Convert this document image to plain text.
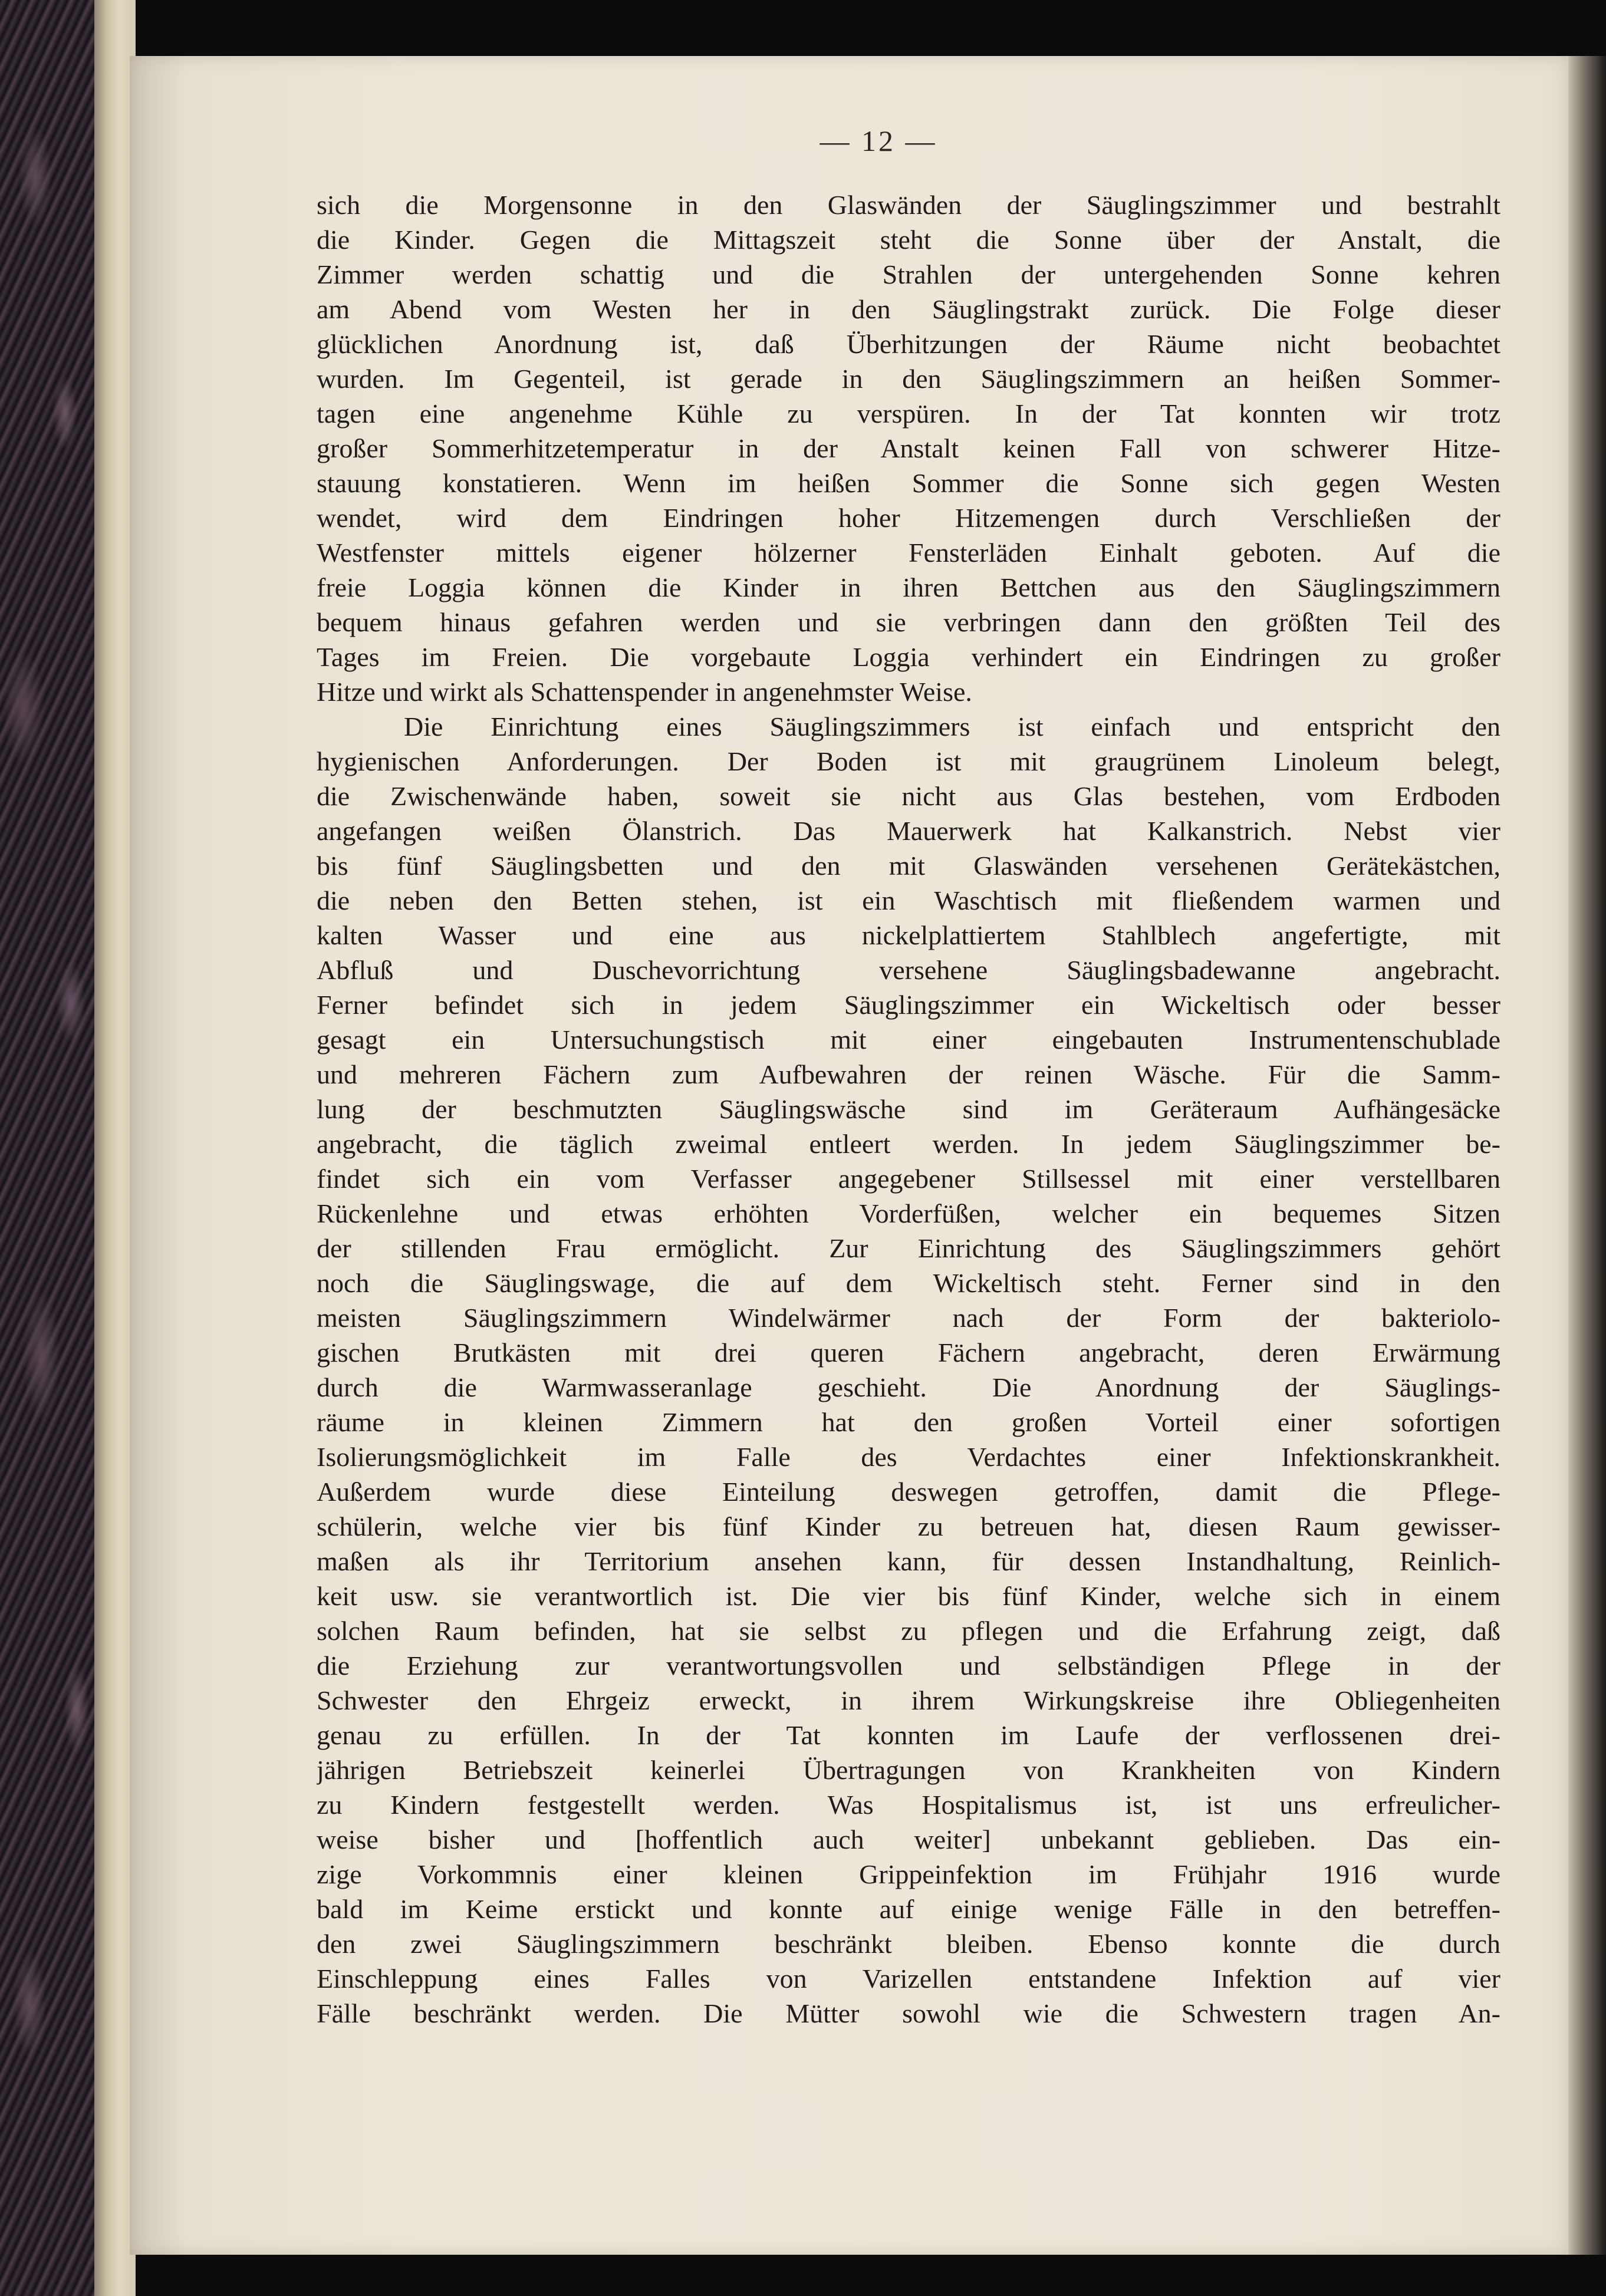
— 12 —
sich die Morgensonne in den Glaswänden der Säuglingszimmer und bestrahlt
die Kinder. Gegen die Mittagszeit steht die Sonne über der Anstalt, die
Zimmer werden schattig und die Strahlen der untergehenden Sonne kehren
am Abend vom Westen her in den Säuglingstrakt zurück. Die Folge dieser
glücklichen Anordnung ist, daß Überhitzungen der Räume nicht beobachtet
wurden. Im Gegenteil, ist gerade in den Säuglingszimmern an heißen Sommer-
tagen eine angenehme Kühle zu verspüren. In der Tat konnten wir trotz
großer Sommerhitzetemperatur in der Anstalt keinen Fall von schwerer Hitze-
stauung konstatieren. Wenn im heißen Sommer die Sonne sich gegen Westen
wendet, wird dem Eindringen hoher Hitzemengen durch Verschließen der
Westfenster mittels eigener hölzerner Fensterläden Einhalt geboten. Auf die
freie Loggia können die Kinder in ihren Bettchen aus den Säuglingszimmern
bequem hinaus gefahren werden und sie verbringen dann den größten Teil des
Tages im Freien. Die vorgebaute Loggia verhindert ein Eindringen zu großer
Hitze und wirkt als Schattenspender in angenehmster Weise.
Die Einrichtung eines Säuglingszimmers ist einfach und entspricht den
hygienischen Anforderungen. Der Boden ist mit graugrünem Linoleum belegt,
die Zwischenwände haben, soweit sie nicht aus Glas bestehen, vom Erdboden
angefangen weißen Ölanstrich. Das Mauerwerk hat Kalkanstrich. Nebst vier
bis fünf Säuglingsbetten und den mit Glaswänden versehenen Gerätekästchen,
die neben den Betten stehen, ist ein Waschtisch mit fließendem warmen und
kalten Wasser und eine aus nickelplattiertem Stahlblech angefertigte, mit
Abfluß und Duschevorrichtung versehene Säuglingsbadewanne angebracht.
Ferner befindet sich in jedem Säuglingszimmer ein Wickeltisch oder besser
gesagt ein Untersuchungstisch mit einer eingebauten Instrumentenschublade
und mehreren Fächern zum Aufbewahren der reinen Wäsche. Für die Samm-
lung der beschmutzten Säuglingswäsche sind im Geräteraum Aufhängesäcke
angebracht, die täglich zweimal entleert werden. In jedem Säuglingszimmer be-
findet sich ein vom Verfasser angegebener Stillsessel mit einer verstellbaren
Rückenlehne und etwas erhöhten Vorderfüßen, welcher ein bequemes Sitzen
der stillenden Frau ermöglicht. Zur Einrichtung des Säuglingszimmers gehört
noch die Säuglingswage, die auf dem Wickeltisch steht. Ferner sind in den
meisten Säuglingszimmern Windelwärmer nach der Form der bakteriolo-
gischen Brutkästen mit drei queren Fächern angebracht, deren Erwärmung
durch die Warmwasseranlage geschieht. Die Anordnung der Säuglings-
räume in kleinen Zimmern hat den großen Vorteil einer sofortigen
Isolierungsmöglichkeit im Falle des Verdachtes einer Infektionskrankheit.
Außerdem wurde diese Einteilung deswegen getroffen, damit die Pflege-
schülerin, welche vier bis fünf Kinder zu betreuen hat, diesen Raum gewisser-
maßen als ihr Territorium ansehen kann, für dessen Instandhaltung, Reinlich-
keit usw. sie verantwortlich ist. Die vier bis fünf Kinder, welche sich in einem
solchen Raum befinden, hat sie selbst zu pflegen und die Erfahrung zeigt, daß
die Erziehung zur verantwortungsvollen und selbständigen Pflege in der
Schwester den Ehrgeiz erweckt, in ihrem Wirkungskreise ihre Obliegenheiten
genau zu erfüllen. In der Tat konnten im Laufe der verflossenen drei-
jährigen Betriebszeit keinerlei Übertragungen von Krankheiten von Kindern
zu Kindern festgestellt werden. Was Hospitalismus ist, ist uns erfreulicher-
weise bisher und [hoffentlich auch weiter] unbekannt geblieben. Das ein-
zige Vorkommnis einer kleinen Grippeinfektion im Frühjahr 1916 wurde
bald im Keime erstickt und konnte auf einige wenige Fälle in den betreffen-
den zwei Säuglingszimmern beschränkt bleiben. Ebenso konnte die durch
Einschleppung eines Falles von Varizellen entstandene Infektion auf vier
Fälle beschränkt werden. Die Mütter sowohl wie die Schwestern tragen An-
